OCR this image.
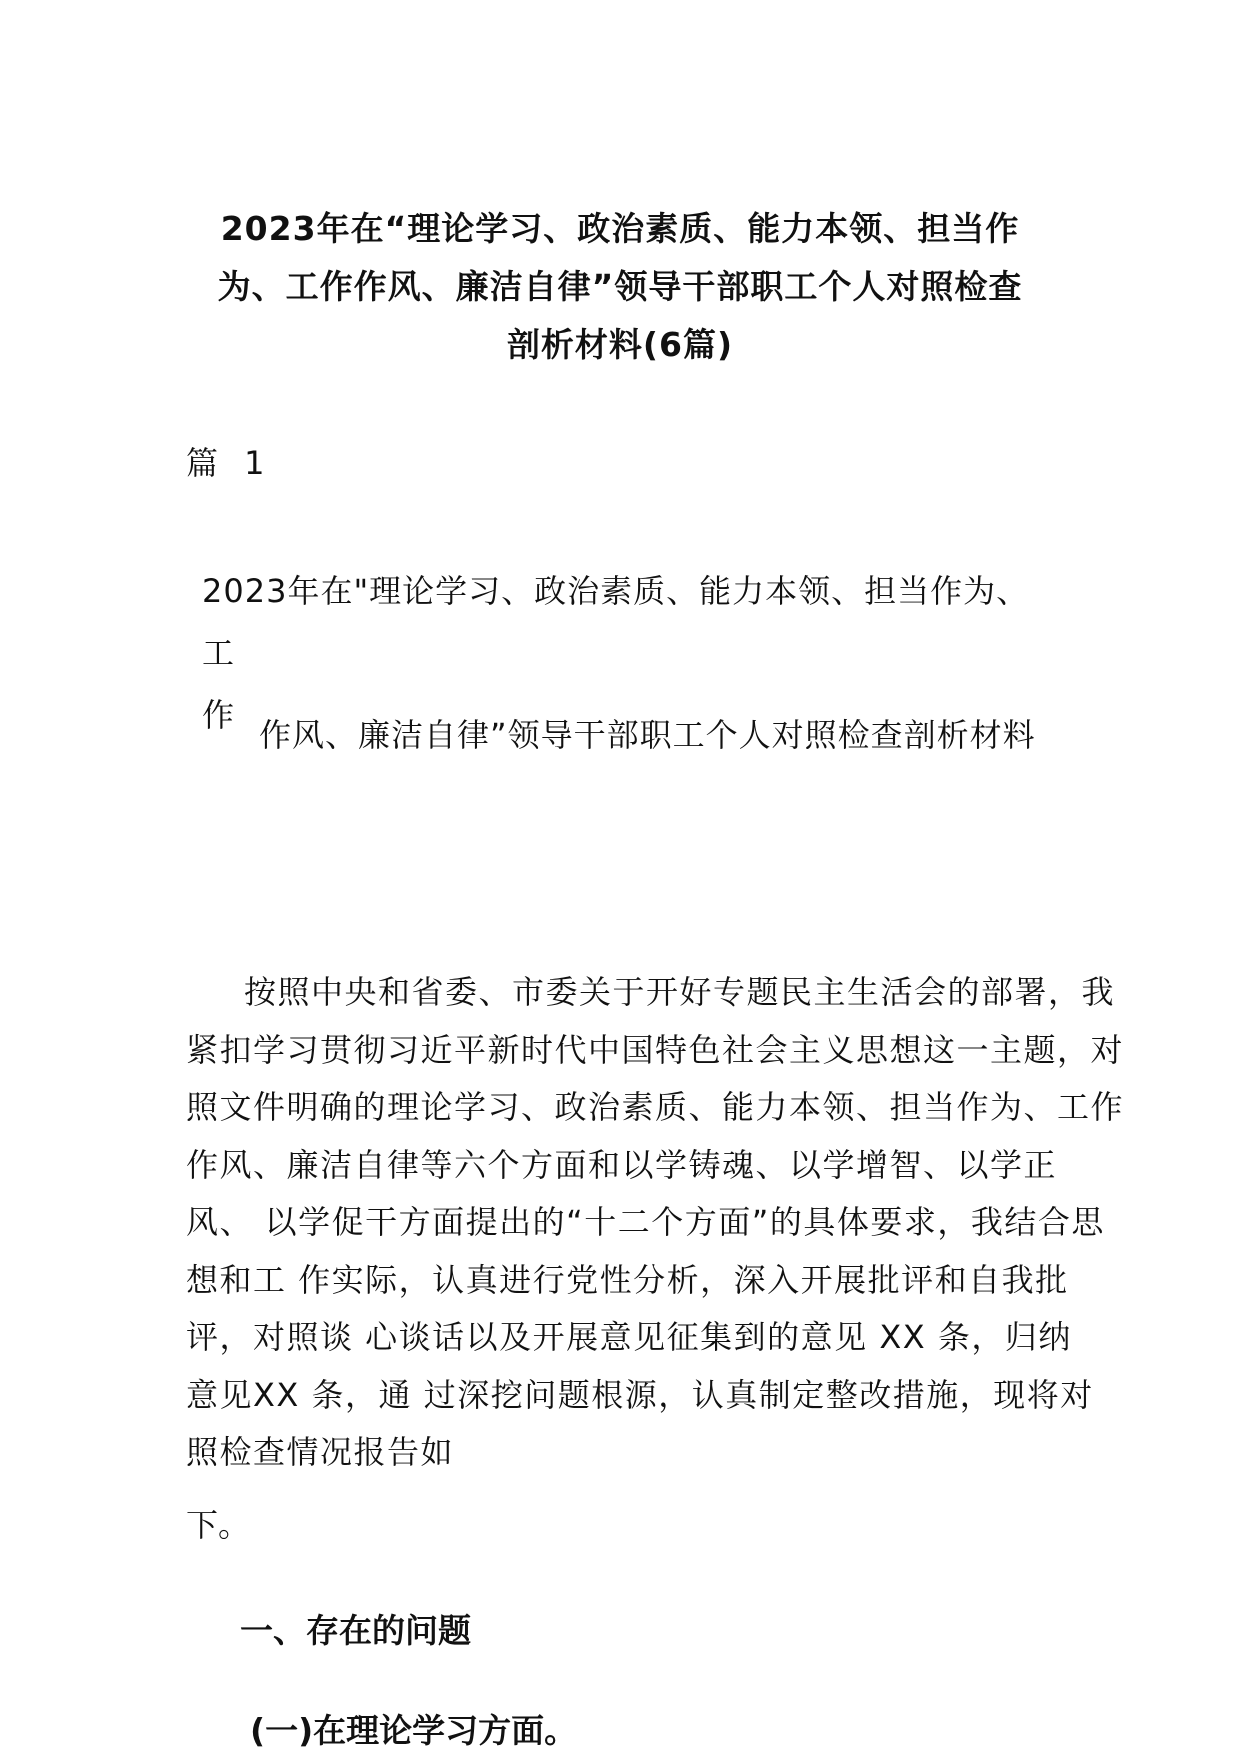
2023年在“理论学习、政治素质、能力本领、担当作
为、工作作风、廉洁自律”领导干部职工个人对照检查
剖析材料(6篇)

篇 1

2023年在"理论学习、政治素质、能力本领、担当作为、工
作

作风、廉洁自律”领导干部职工个人对照检查剖析材料

按照中央和省委、市委关于开好专题民主生活会的部署，我
紧扣学习贯彻习近平新时代中国特色社会主义思想这一主题，对
照文件明确的理论学习、政治素质、能力本领、担当作为、工作
作风、廉洁自律等六个方面和以学铸魂、以学增智、以学正
风、 以学促干方面提出的“十二个方面”的具体要求，我结合思
想和工 作实际，认真进行党性分析，深入开展批评和自我批
评，对照谈 心谈话以及开展意见征集到的意见 XX 条，归纳
意见XX 条，通 过深挖问题根源，认真制定整改措施，现将对
照检查情况报告如

下。

一、存在的问题
(一)在理论学习方面。
